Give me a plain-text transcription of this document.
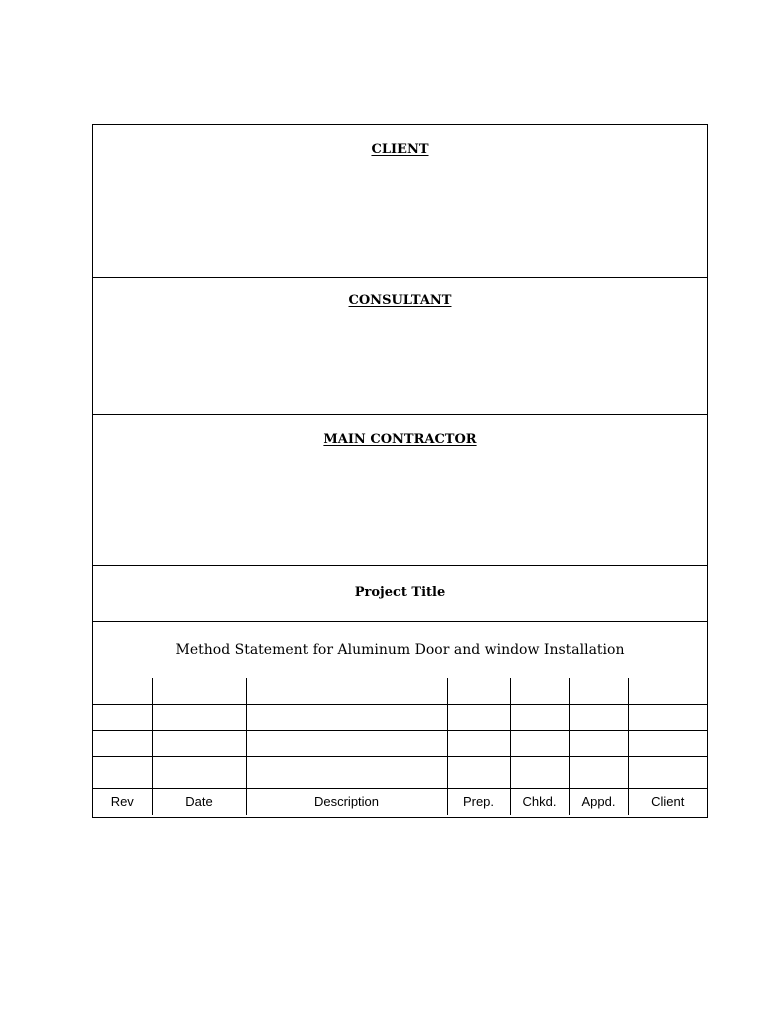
CLIENT
CONSULTANT
MAIN CONTRACTOR
Project Title
Method Statement for Aluminum Door and window Installation

Rev	Date	Description	Prep.	Chkd.	Appd.	Client
